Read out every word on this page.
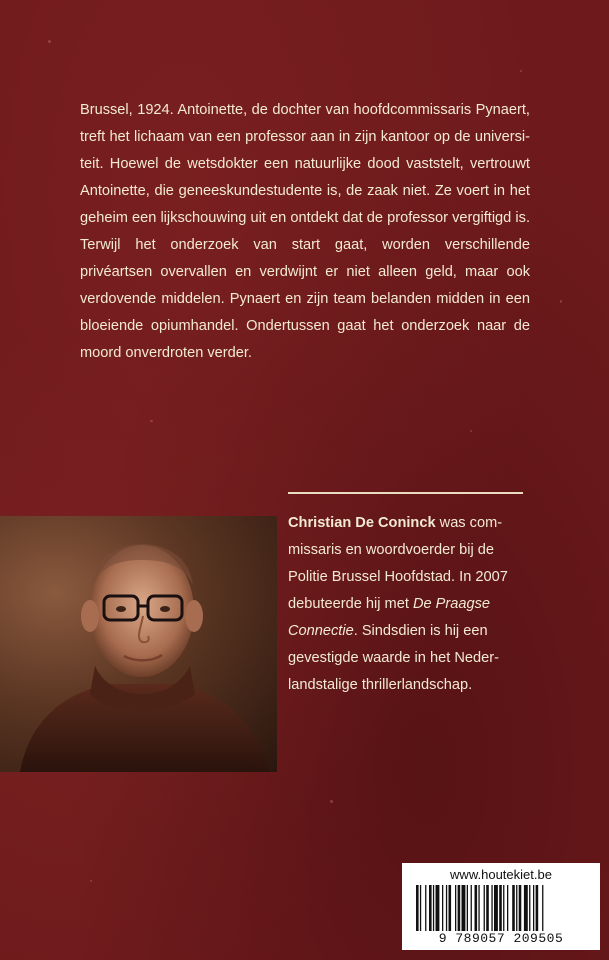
Brussel, 1924. Antoinette, de dochter van hoofdcommissaris Pynaert, treft het lichaam van een professor aan in zijn kantoor op de universiteit. Hoewel de wetsdokter een natuurlijke dood vaststelt, vertrouwt Antoinette, die geneeskundestudente is, de zaak niet. Ze voert in het geheim een lijkschouwing uit en ontdekt dat de professor vergiftigd is. Terwijl het onderzoek van start gaat, worden verschillende privéartsen overvallen en verdwijnt er niet alleen geld, maar ook verdovende middelen. Pynaert en zijn team belanden midden in een bloeiende opiumhandel. Ondertussen gaat het onderzoek naar de moord onverdroten verder.

Christian De Coninck was commissaris en woordvoerder bij de Politie Brussel Hoofdstad. In 2007 debuteerde hij met De Praagse Connectie. Sindsdien is hij een gevestigde waarde in het Nederlandstalige thrillerlandschap.

www.houtekiet.be
9 789057 209505
